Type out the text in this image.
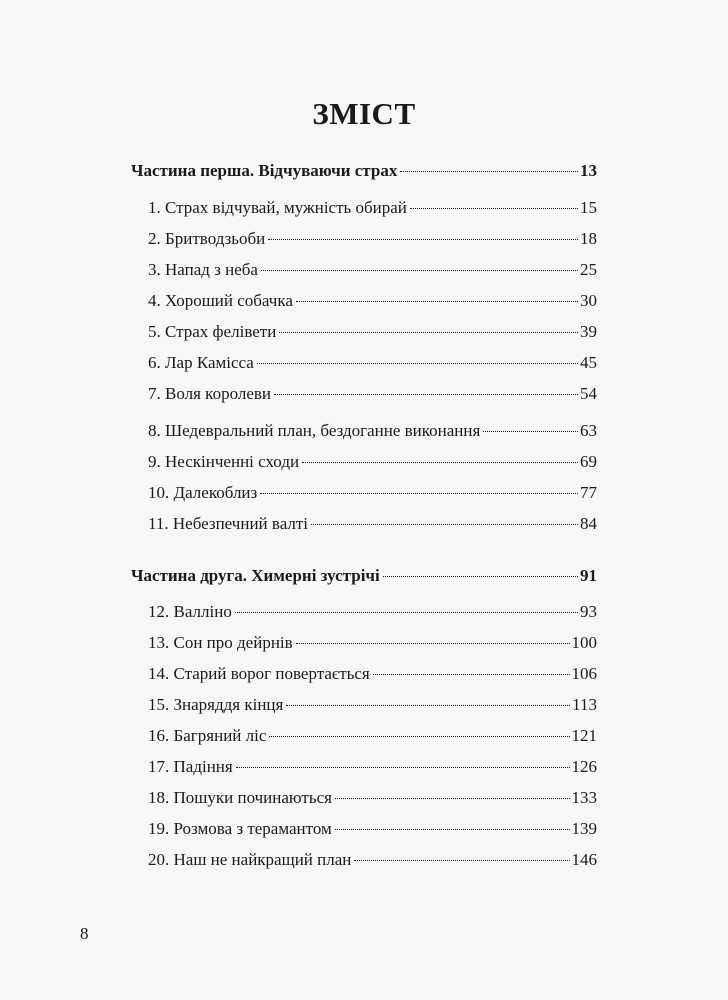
ЗМІСТ
Частина перша. Відчуваючи страх	13
1. Страх відчувай, мужність обирай	15
2. Бритводзьоби	18
3. Напад з неба	25
4. Хороший собачка	30
5. Страх фелівети	39
6. Лар Камісса	45
7. Воля королеви	54
8. Шедевральний план, бездоганне виконання	63
9. Нескінченні сходи	69
10. Далекоблиз	77
11. Небезпечний валті	84
Частина друга. Химерні зустрічі	91
12. Валліно	93
13. Сон про дейрнів	100
14. Старий ворог повертається	106
15. Знаряддя кінця	113
16. Багряний ліс	121
17. Падіння	126
18. Пошуки починаються	133
19. Розмова з терамантом	139
20. Наш не найкращий план	146
8
